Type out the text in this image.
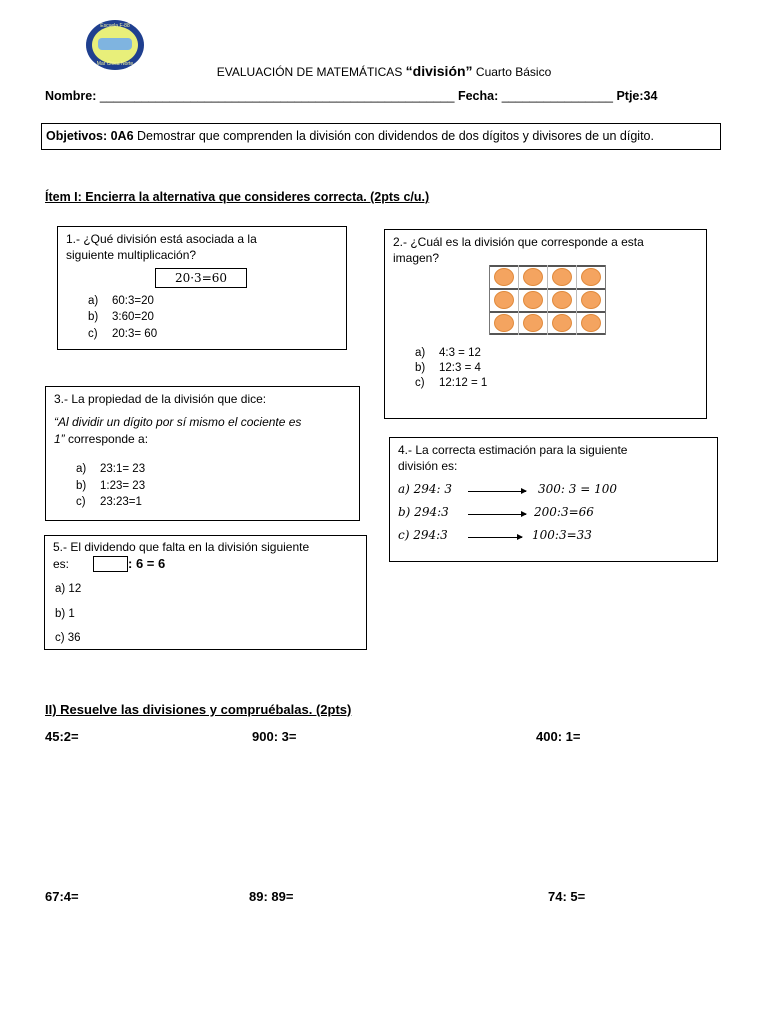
Escuela F-88
Mar Chica Norte
EVALUACIÓN DE MATEMÁTICAS “división” Cuarto Básico
Nombre: ___________________________________________________ Fecha: ________________ Ptje:34
Objetivos: 0A6 Demostrar que comprenden la división con dividendos de dos dígitos y divisores de un dígito.
Ítem I: Encierra la alternativa que consideres correcta. (2pts c/u.)
1.- ¿Qué división está asociada a la
siguiente multiplicación?
20·3=60
a) 60:3=20
b) 3:60=20
c) 20:3= 60
2.- ¿Cuál es la división que corresponde a esta
imagen?
a) 4:3 = 12
b) 12:3 = 4
c) 12:12 = 1
3.- La propiedad de la división que dice:
“Al dividir un dígito por sí mismo el cociente es
1” corresponde a:
a) 23:1= 23
b) 1:23= 23
c) 23:23=1
4.- La correcta estimación para la siguiente
división es:
a) 294: 3	300: 3 = 100
b) 294:3	200:3=66
c) 294:3	100:3=33
5.- El dividendo que falta en la división siguiente
es:	: 6 = 6
a) 12
b) 1
c) 36
II) Resuelve las divisiones y compruébalas. (2pts)
45:2=	900: 3=	400: 1=
67:4=	89: 89=	74: 5=
